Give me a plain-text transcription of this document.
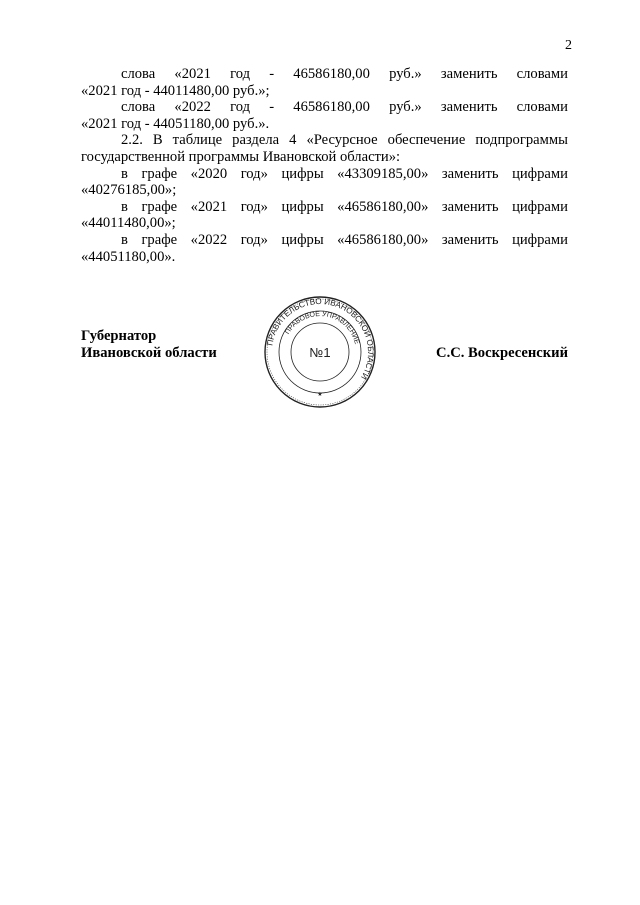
2
слова «2021 год - 46586180,00 руб.» заменить словами
«2021 год - 44011480,00 руб.»;
слова «2022 год - 46586180,00 руб.» заменить словами
«2021 год - 44051180,00 руб.».
2.2. В таблице раздела 4 «Ресурсное обеспечение подпрограммы
государственной программы Ивановской области»:
в графе «2020 год» цифры «43309185,00» заменить цифрами
«40276185,00»;
в графе «2021 год» цифры «46586180,00» заменить цифрами
«44011480,00»;
в графе «2022 год» цифры «46586180,00» заменить цифрами
«44051180,00».
Губернатор
Ивановской области	С.С. Воскресенский
ПРАВИТЕЛЬСТВО ИВАНОВСКОЙ ОБЛАСТИ
ПРАВОВОЕ УПРАВЛЕНИЕ
№1
★
